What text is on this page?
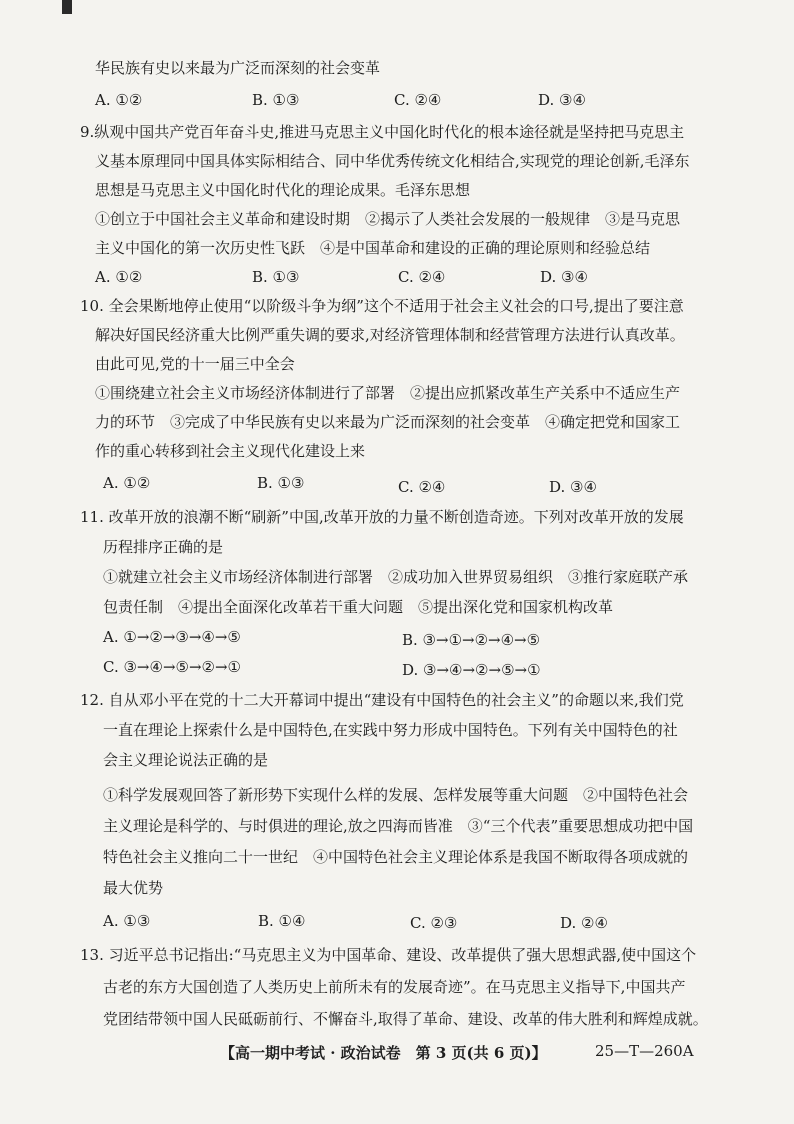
华民族有史以来最为广泛而深刻的社会变革
A. ①②	B. ①③	C. ②④	D. ③④
9.纵观中国共产党百年奋斗史,推进马克思主义中国化时代化的根本途径就是坚持把马克思主
义基本原理同中国具体实际相结合、同中华优秀传统文化相结合,实现党的理论创新,毛泽东
思想是马克思主义中国化时代化的理论成果。毛泽东思想
①创立于中国社会主义革命和建设时期　②揭示了人类社会发展的一般规律　③是马克思
主义中国化的第一次历史性飞跃　④是中国革命和建设的正确的理论原则和经验总结
A. ①②	B. ①③	C. ②④	D. ③④
10. 全会果断地停止使用“以阶级斗争为纲”这个不适用于社会主义社会的口号,提出了要注意
解决好国民经济重大比例严重失调的要求,对经济管理体制和经营管理方法进行认真改革。
由此可见,党的十一届三中全会
①围绕建立社会主义市场经济体制进行了部署　②提出应抓紧改革生产关系中不适应生产
力的环节　③完成了中华民族有史以来最为广泛而深刻的社会变革　④确定把党和国家工
作的重心转移到社会主义现代化建设上来
A. ①②	B. ①③	C. ②④	D. ③④
11. 改革开放的浪潮不断“刷新”中国,改革开放的力量不断创造奇迹。下列对改革开放的发展
历程排序正确的是
①就建立社会主义市场经济体制进行部署　②成功加入世界贸易组织　③推行家庭联产承
包责任制　④提出全面深化改革若干重大问题　⑤提出深化党和国家机构改革
A. ①→②→③→④→⑤	B. ③→①→②→④→⑤
C. ③→④→⑤→②→①	D. ③→④→②→⑤→①
12. 自从邓小平在党的十二大开幕词中提出“建设有中国特色的社会主义”的命题以来,我们党
一直在理论上探索什么是中国特色,在实践中努力形成中国特色。下列有关中国特色的社
会主义理论说法正确的是
①科学发展观回答了新形势下实现什么样的发展、怎样发展等重大问题　②中国特色社会
主义理论是科学的、与时俱进的理论,放之四海而皆准　③“三个代表”重要思想成功把中国
特色社会主义推向二十一世纪　④中国特色社会主义理论体系是我国不断取得各项成就的
最大优势
A. ①③	B. ①④	C. ②③	D. ②④
13. 习近平总书记指出:“马克思主义为中国革命、建设、改革提供了强大思想武器,使中国这个
古老的东方大国创造了人类历史上前所未有的发展奇迹”。在马克思主义指导下,中国共产
党团结带领中国人民砥砺前行、不懈奋斗,取得了革命、建设、改革的伟大胜利和辉煌成就。
【高一期中考试 · 政治试卷　第 3 页(共 6 页)】	25—T—260A
